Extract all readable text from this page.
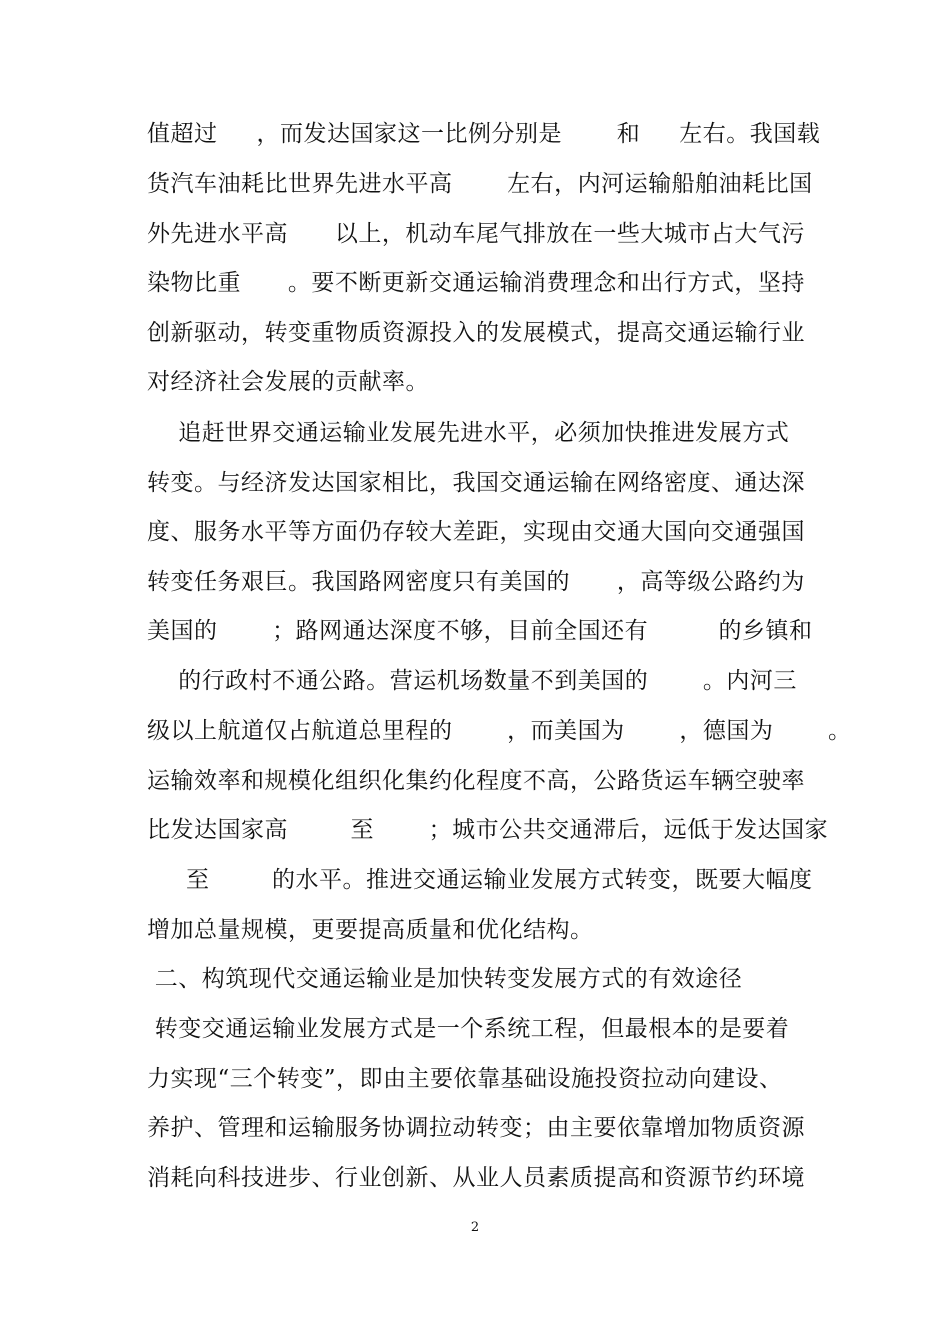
值超过     ，而发达国家这一比例分别是       和     左右。我国载
货汽车油耗比世界先进水平高       左右，内河运输船舶油耗比国
外先进水平高      以上，机动车尾气排放在一些大城市占大气污
染物比重      。要不断更新交通运输消费理念和出行方式，坚持
创新驱动，转变重物质资源投入的发展模式，提高交通运输行业
对经济社会发展的贡献率。
追赶世界交通运输业发展先进水平，必须加快推进发展方式
转变。与经济发达国家相比，我国交通运输在网络密度、通达深
度、服务水平等方面仍存较大差距，实现由交通大国向交通强国
转变任务艰巨。我国路网密度只有美国的      ，高等级公路约为
美国的       ；路网通达深度不够，目前全国还有         的乡镇和
的行政村不通公路。营运机场数量不到美国的       。内河三
级以上航道仅占航道总里程的       ，而美国为       ，德国为       。
运输效率和规模化组织化集约化程度不高，公路货运车辆空驶率
比发达国家高        至       ；城市公共交通滞后，远低于发达国家
至        的水平。推进交通运输业发展方式转变，既要大幅度
增加总量规模，更要提高质量和优化结构。
二、构筑现代交通运输业是加快转变发展方式的有效途径
转变交通运输业发展方式是一个系统工程，但最根本的是要着
力实现“三个转变”，即由主要依靠基础设施投资拉动向建设、
养护、管理和运输服务协调拉动转变；由主要依靠增加物质资源
消耗向科技进步、行业创新、从业人员素质提高和资源节约环境
2
